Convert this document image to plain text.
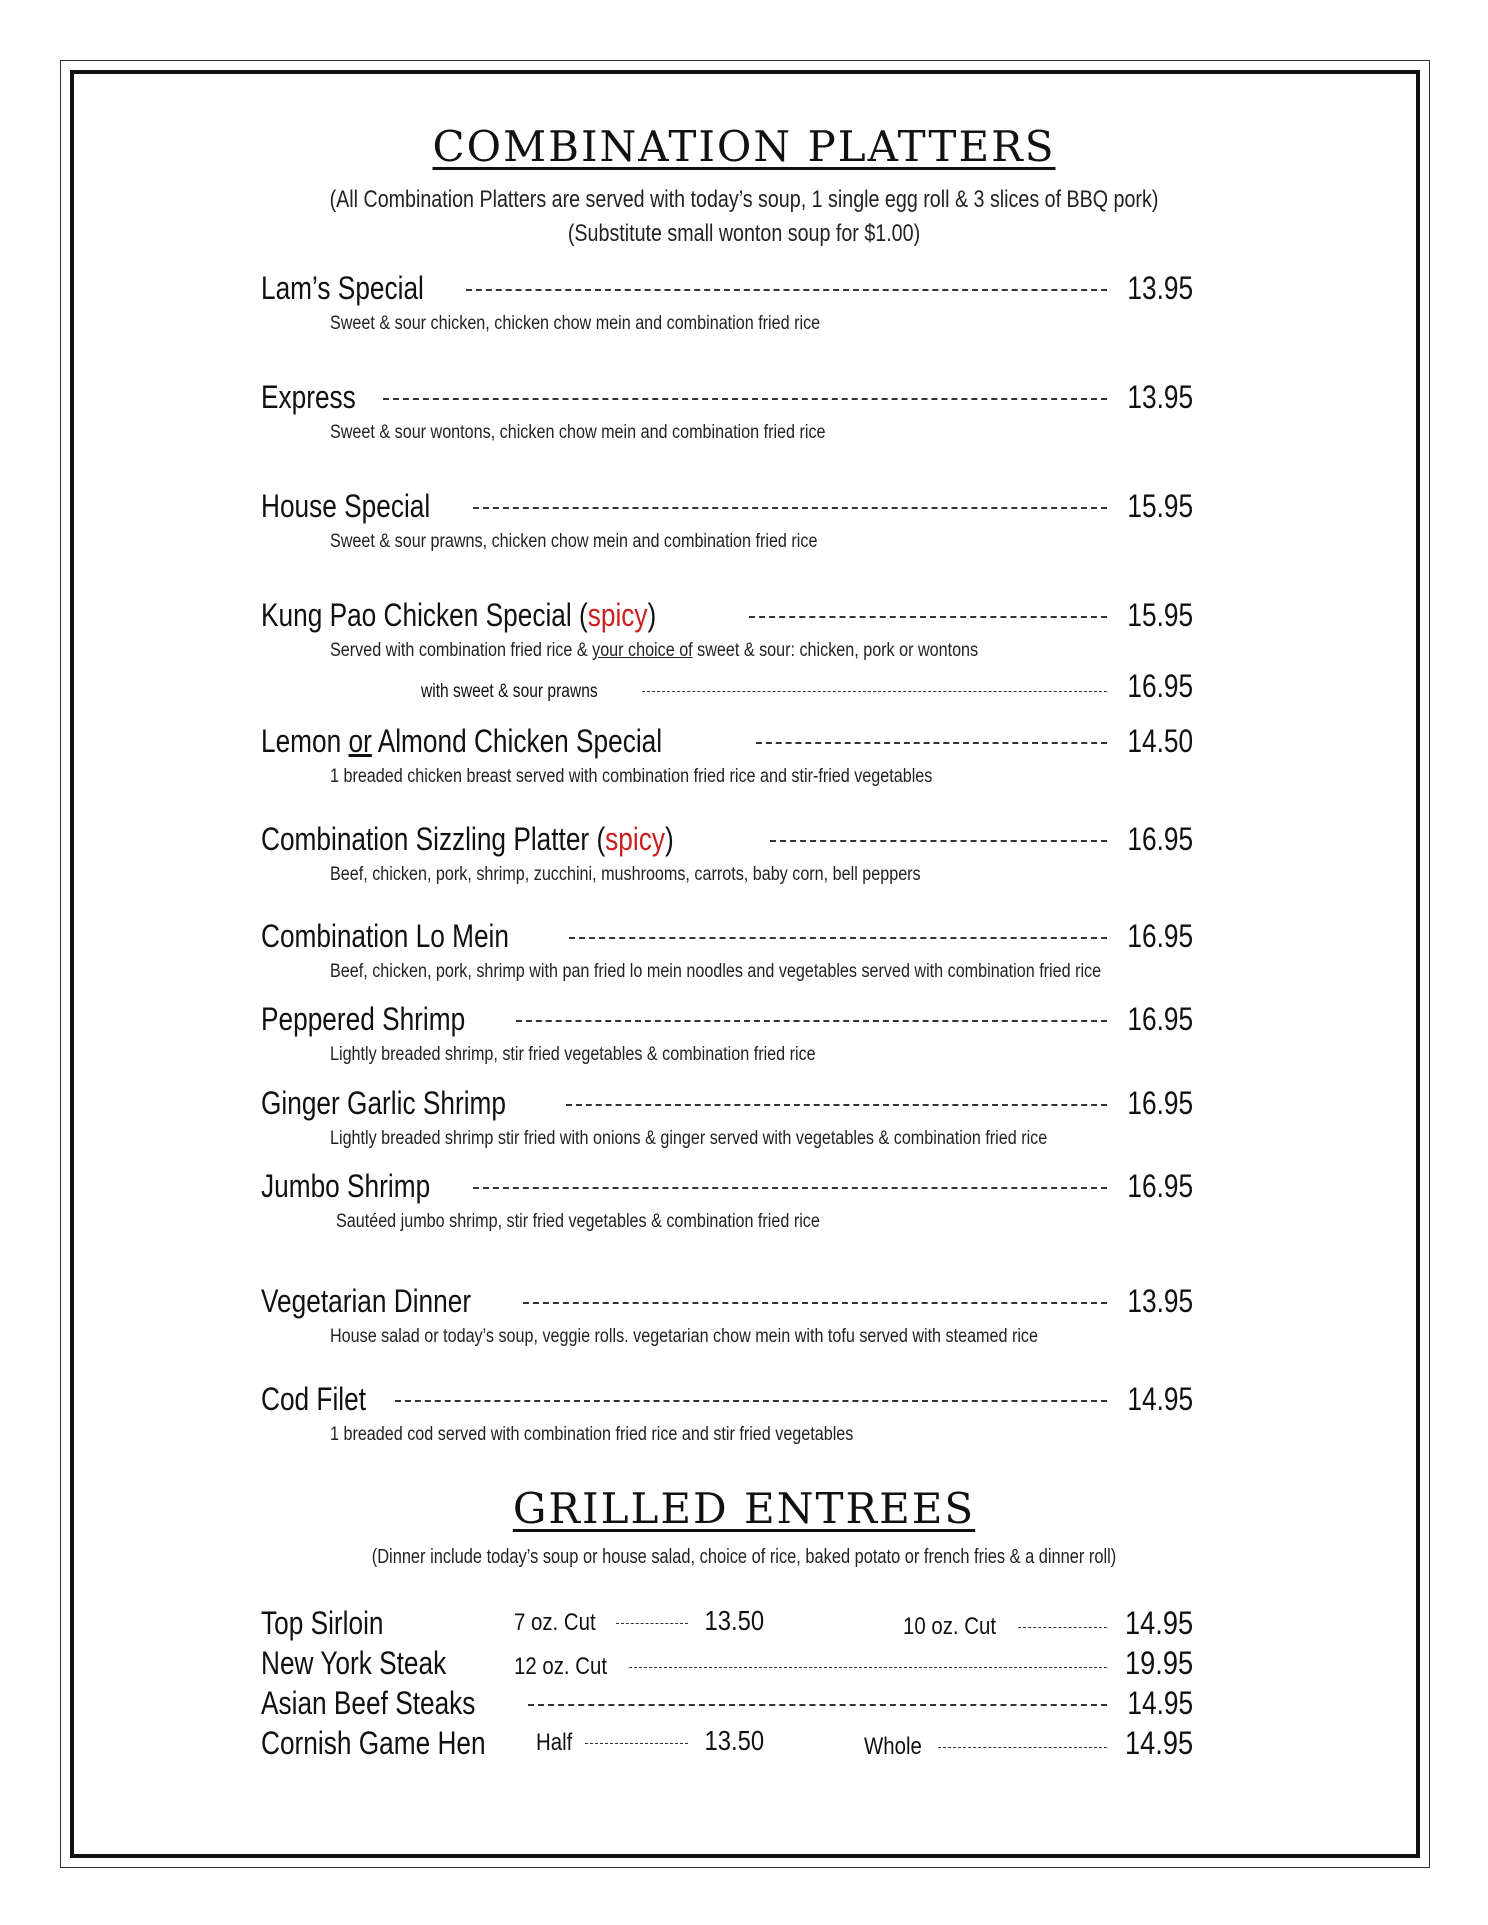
COMBINATION PLATTERS
(All Combination Platters are served with today’s soup, 1 single egg roll & 3 slices of BBQ pork)
(Substitute small wonton soup for $1.00)
Lam’s Special	13.95
Sweet & sour chicken, chicken chow mein and combination fried rice
Express	13.95
Sweet & sour wontons, chicken chow mein and combination fried rice
House Special	15.95
Sweet & sour prawns, chicken chow mein and combination fried rice
Kung Pao Chicken Special (spicy)	15.95
Served with combination fried rice & your choice of sweet & sour: chicken, pork or wontons
with sweet & sour prawns	16.95
Lemon or Almond Chicken Special	14.50
1 breaded chicken breast served with combination fried rice and stir-fried vegetables
Combination Sizzling Platter (spicy)	16.95
Beef, chicken, pork, shrimp, zucchini, mushrooms, carrots, baby corn, bell peppers
Combination Lo Mein	16.95
Beef, chicken, pork, shrimp with pan fried lo mein noodles and vegetables served with combination fried rice
Peppered Shrimp	16.95
Lightly breaded shrimp, stir fried vegetables & combination fried rice
Ginger Garlic Shrimp	16.95
Lightly breaded shrimp stir fried with onions & ginger served with vegetables & combination fried rice
Jumbo Shrimp	16.95
Sautéed jumbo shrimp, stir fried vegetables & combination fried rice
Vegetarian Dinner	13.95
House salad or today’s soup, veggie rolls. vegetarian chow mein with tofu served with steamed rice
Cod Filet	14.95
1 breaded cod served with combination fried rice and stir fried vegetables
GRILLED ENTREES
(Dinner include today’s soup or house salad, choice of rice, baked potato or french fries & a dinner roll)
Top Sirloin	7 oz. Cut	13.50	10 oz. Cut	14.95
New York Steak	12 oz. Cut	19.95
Asian Beef Steaks	14.95
Cornish Game Hen Half	13.50	Whole	14.95
